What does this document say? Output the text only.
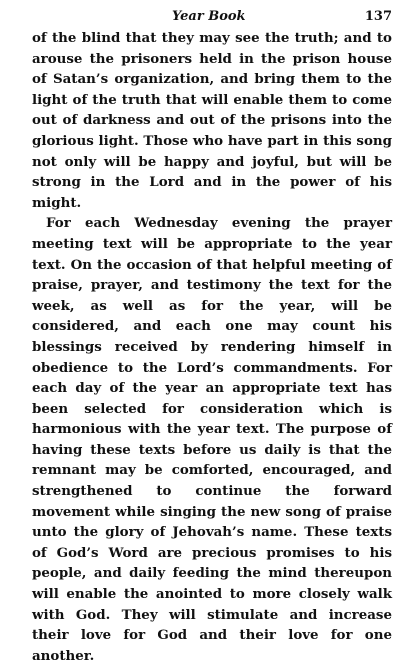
Year Book	137

of the blind that they may see the truth; and to arouse the prisoners held in the prison house of Satan’s organization, and bring them to the light of the truth that will enable them to come out of darkness and out of the prisons into the glorious light. Those who have part in this song not only will be happy and joyful, but will be strong in the Lord and in the power of his might.

For each Wednesday evening the prayer meeting text will be appropriate to the year text. On the occasion of that helpful meeting of praise, prayer, and testimony the text for the week, as well as for the year, will be considered, and each one may count his blessings received by rendering himself in obedience to the Lord’s commandments. For each day of the year an appropriate text has been selected for consideration which is harmonious with the year text. The purpose of having these texts before us daily is that the remnant may be comforted, encouraged, and strengthened to continue the forward movement while singing the new song of praise unto the glory of Jehovah’s name. These texts of God’s Word are precious promises to his people, and daily feeding the mind thereupon will enable the anointed to more closely walk with God. They will stimulate and increase their love for God and their love for one another.
